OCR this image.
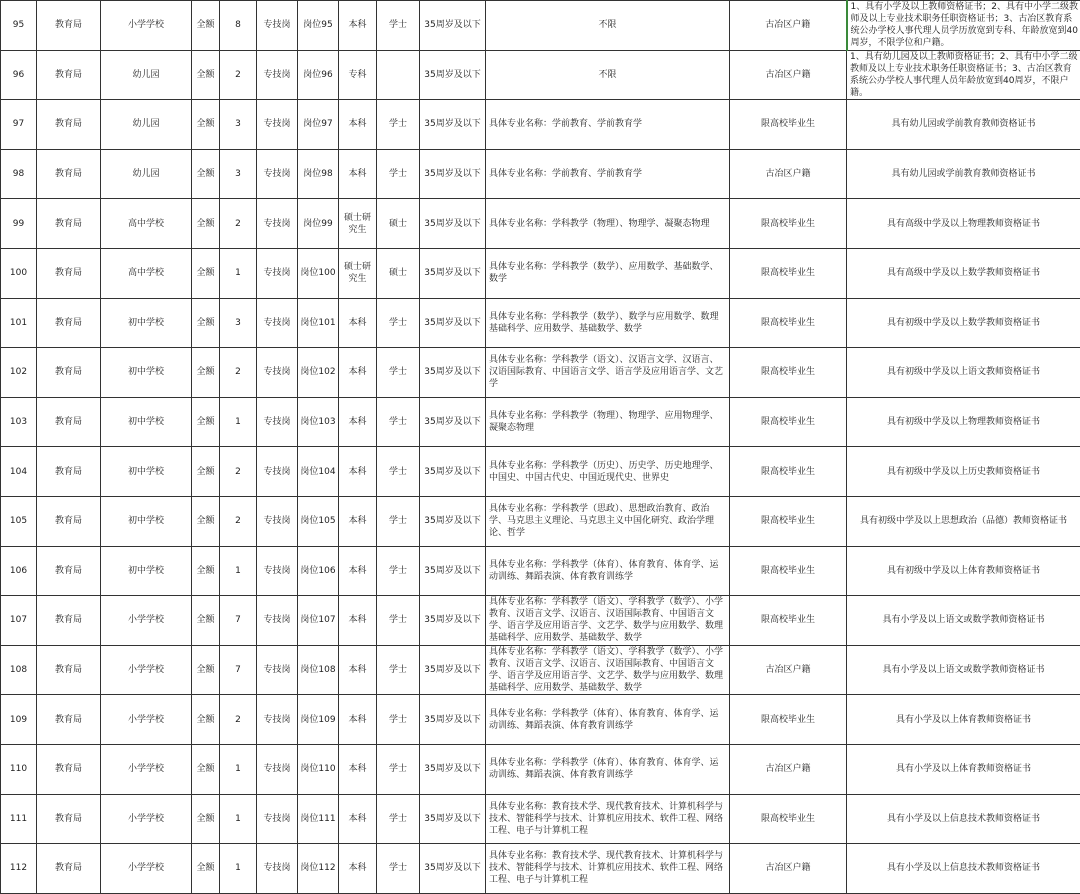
95	教育局	小学学校	全额	8	专技岗	岗位95	本科	学士	35周岁及以下	不限	古冶区户籍	1、具有小学及以上教师资格证书；2、具有中小学二级教师及以上专业技术职务任职资格证书；3、古冶区教育系统公办学校人事代理人员学历放宽到专科、年龄放宽到40周岁，不限学位和户籍。
96	教育局	幼儿园	全额	2	专技岗	岗位96	专科		35周岁及以下	不限	古冶区户籍	1、具有幼儿园及以上教师资格证书；2、具有中小学二级教师及以上专业技术职务任职资格证书；3、古冶区教育系统公办学校人事代理人员年龄放宽到40周岁，不限户籍。
97	教育局	幼儿园	全额	3	专技岗	岗位97	本科	学士	35周岁及以下	具体专业名称：学前教育、学前教育学	限高校毕业生	具有幼儿园或学前教育教师资格证书
98	教育局	幼儿园	全额	3	专技岗	岗位98	本科	学士	35周岁及以下	具体专业名称：学前教育、学前教育学	古冶区户籍	具有幼儿园或学前教育教师资格证书
99	教育局	高中学校	全额	2	专技岗	岗位99	硕士研究生	硕士	35周岁及以下	具体专业名称：学科教学（物理）、物理学、凝聚态物理	限高校毕业生	具有高级中学及以上物理教师资格证书
100	教育局	高中学校	全额	1	专技岗	岗位100	硕士研究生	硕士	35周岁及以下	具体专业名称：学科教学（数学）、应用数学、基础数学、数学	限高校毕业生	具有高级中学及以上数学教师资格证书
101	教育局	初中学校	全额	3	专技岗	岗位101	本科	学士	35周岁及以下	具体专业名称：学科教学（数学）、数学与应用数学、数理基础科学、应用数学、基础数学、数学	限高校毕业生	具有初级中学及以上数学教师资格证书
102	教育局	初中学校	全额	2	专技岗	岗位102	本科	学士	35周岁及以下	具体专业名称：学科教学（语文）、汉语言文学、汉语言、汉语国际教育、中国语言文学、语言学及应用语言学、文艺学	限高校毕业生	具有初级中学及以上语文教师资格证书
103	教育局	初中学校	全额	1	专技岗	岗位103	本科	学士	35周岁及以下	具体专业名称：学科教学（物理）、物理学、应用物理学、凝聚态物理	限高校毕业生	具有初级中学及以上物理教师资格证书
104	教育局	初中学校	全额	2	专技岗	岗位104	本科	学士	35周岁及以下	具体专业名称：学科教学（历史）、历史学、历史地理学、中国史、中国古代史、中国近现代史、世界史	限高校毕业生	具有初级中学及以上历史教师资格证书
105	教育局	初中学校	全额	2	专技岗	岗位105	本科	学士	35周岁及以下	具体专业名称：学科教学（思政）、思想政治教育、政治学、马克思主义理论、马克思主义中国化研究、政治学理论、哲学	限高校毕业生	具有初级中学及以上思想政治（品德）教师资格证书
106	教育局	初中学校	全额	1	专技岗	岗位106	本科	学士	35周岁及以下	具体专业名称：学科教学（体育）、体育教育、体育学、运动训练、舞蹈表演、体育教育训练学	限高校毕业生	具有初级中学及以上体育教师资格证书
107	教育局	小学学校	全额	7	专技岗	岗位107	本科	学士	35周岁及以下	具体专业名称：学科教学（语文）、学科教学（数学）、小学教育、汉语言文学、汉语言、汉语国际教育、中国语言文学、语言学及应用语言学、文艺学、数学与应用数学、数理基础科学、应用数学、基础数学、数学	限高校毕业生	具有小学及以上语文或数学教师资格证书
108	教育局	小学学校	全额	7	专技岗	岗位108	本科	学士	35周岁及以下	具体专业名称：学科教学（语文）、学科教学（数学）、小学教育、汉语言文学、汉语言、汉语国际教育、中国语言文学、语言学及应用语言学、文艺学、数学与应用数学、数理基础科学、应用数学、基础数学、数学	古冶区户籍	具有小学及以上语文或数学教师资格证书
109	教育局	小学学校	全额	2	专技岗	岗位109	本科	学士	35周岁及以下	具体专业名称：学科教学（体育）、体育教育、体育学、运动训练、舞蹈表演、体育教育训练学	限高校毕业生	具有小学及以上体育教师资格证书
110	教育局	小学学校	全额	1	专技岗	岗位110	本科	学士	35周岁及以下	具体专业名称：学科教学（体育）、体育教育、体育学、运动训练、舞蹈表演、体育教育训练学	古冶区户籍	具有小学及以上体育教师资格证书
111	教育局	小学学校	全额	1	专技岗	岗位111	本科	学士	35周岁及以下	具体专业名称：教育技术学、现代教育技术、计算机科学与技术、智能科学与技术、计算机应用技术、软件工程、网络工程、电子与计算机工程	限高校毕业生	具有小学及以上信息技术教师资格证书
112	教育局	小学学校	全额	1	专技岗	岗位112	本科	学士	35周岁及以下	具体专业名称：教育技术学、现代教育技术、计算机科学与技术、智能科学与技术、计算机应用技术、软件工程、网络工程、电子与计算机工程	古冶区户籍	具有小学及以上信息技术教师资格证书
